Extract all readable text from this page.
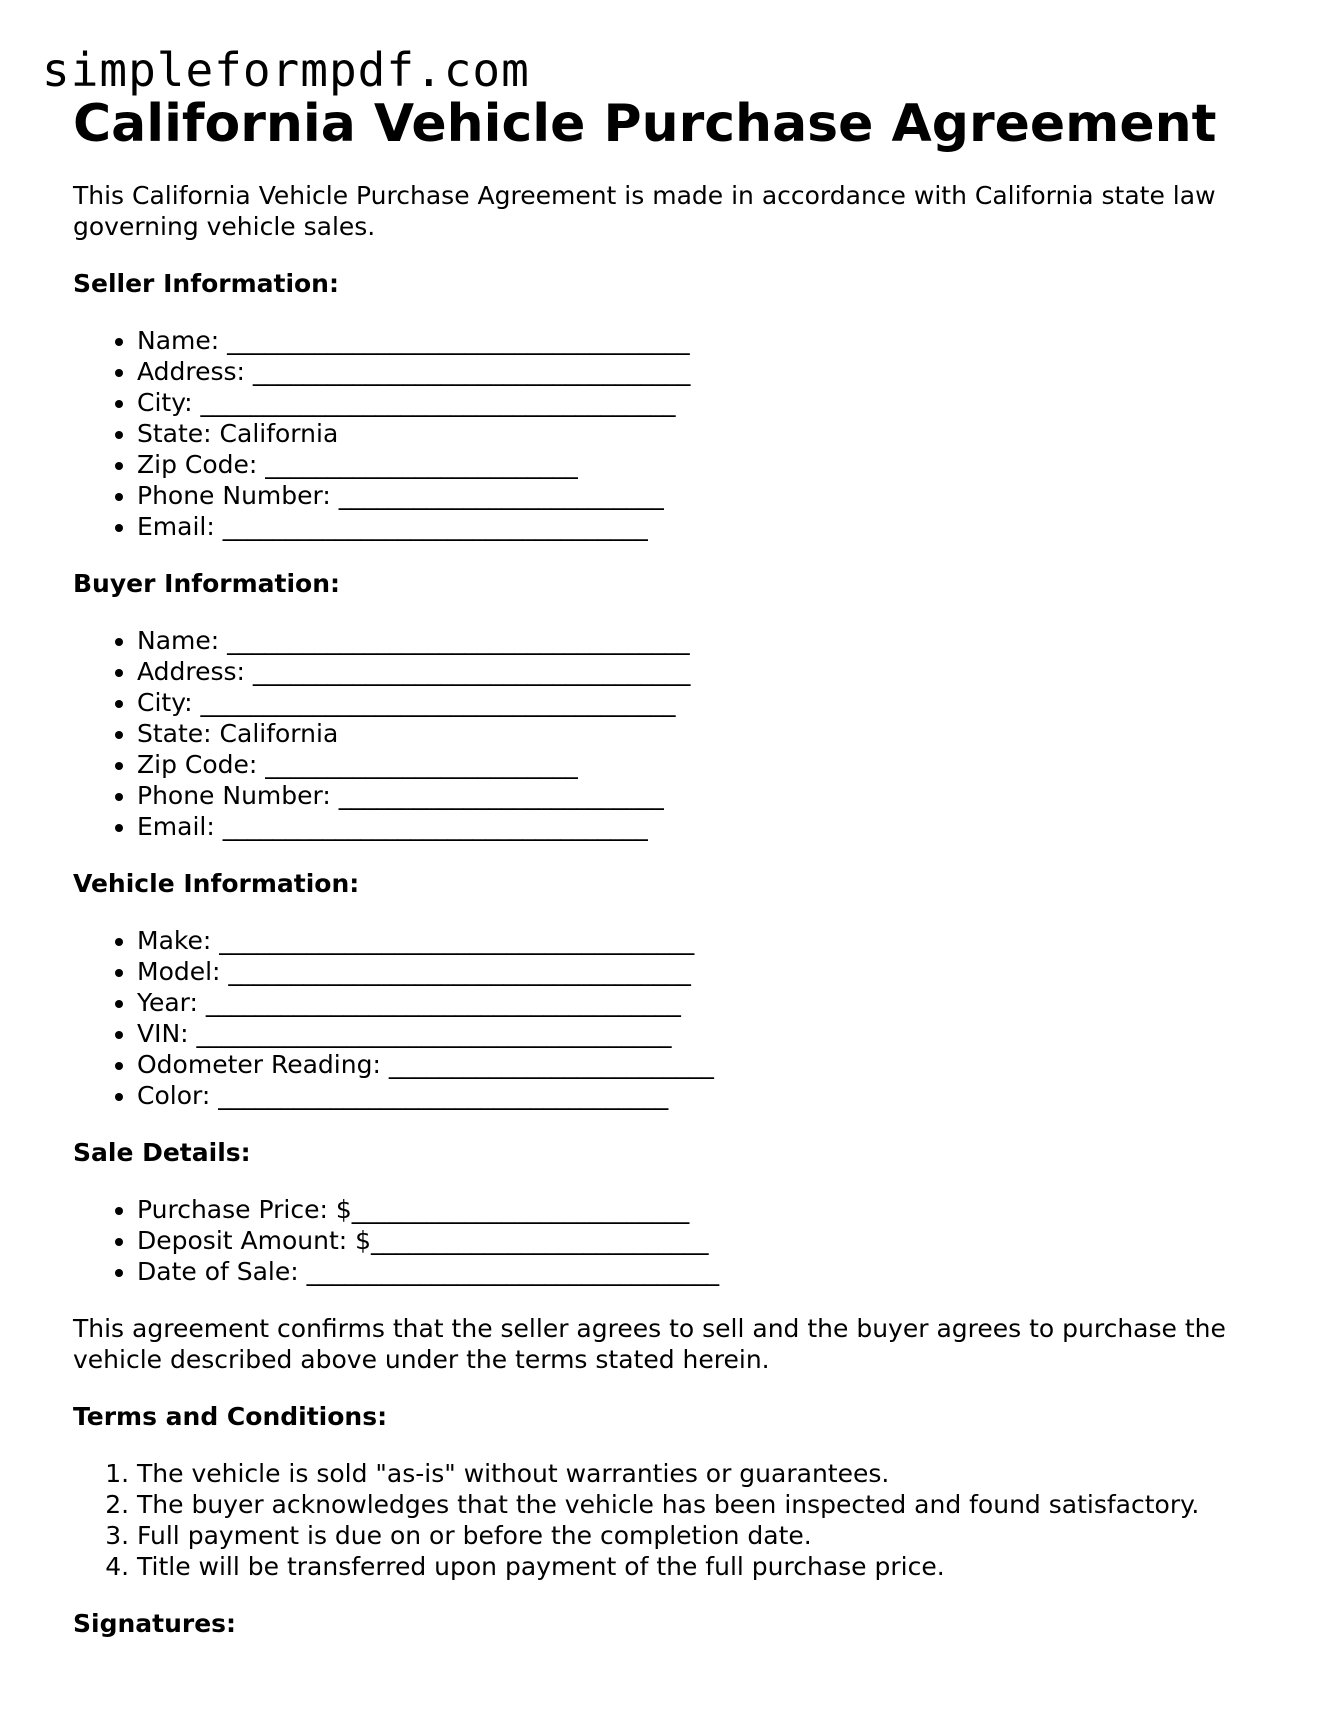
simpleformpdf.com
California Vehicle Purchase Agreement

This California Vehicle Purchase Agreement is made in accordance with California state law governing vehicle sales.

Seller Information:
• Name: _____________________________________
• Address: ___________________________________
• City: ______________________________________
• State: California
• Zip Code: _________________________
• Phone Number: __________________________
• Email: __________________________________
Buyer Information:
• Name: _____________________________________
• Address: ___________________________________
• City: ______________________________________
• State: California
• Zip Code: _________________________
• Phone Number: __________________________
• Email: __________________________________
Vehicle Information:
• Make: ______________________________________
• Model: _____________________________________
• Year: ______________________________________
• VIN: ______________________________________
• Odometer Reading: __________________________
• Color: ____________________________________
Sale Details:
• Purchase Price: $___________________________
• Deposit Amount: $___________________________
• Date of Sale: _________________________________

This agreement confirms that the seller agrees to sell and the buyer agrees to purchase the vehicle described above under the terms stated herein.

Terms and Conditions:
1. The vehicle is sold "as-is" without warranties or guarantees.
2. The buyer acknowledges that the vehicle has been inspected and found satisfactory.
3. Full payment is due on or before the completion date.
4. Title will be transferred upon payment of the full purchase price.
Signatures:
